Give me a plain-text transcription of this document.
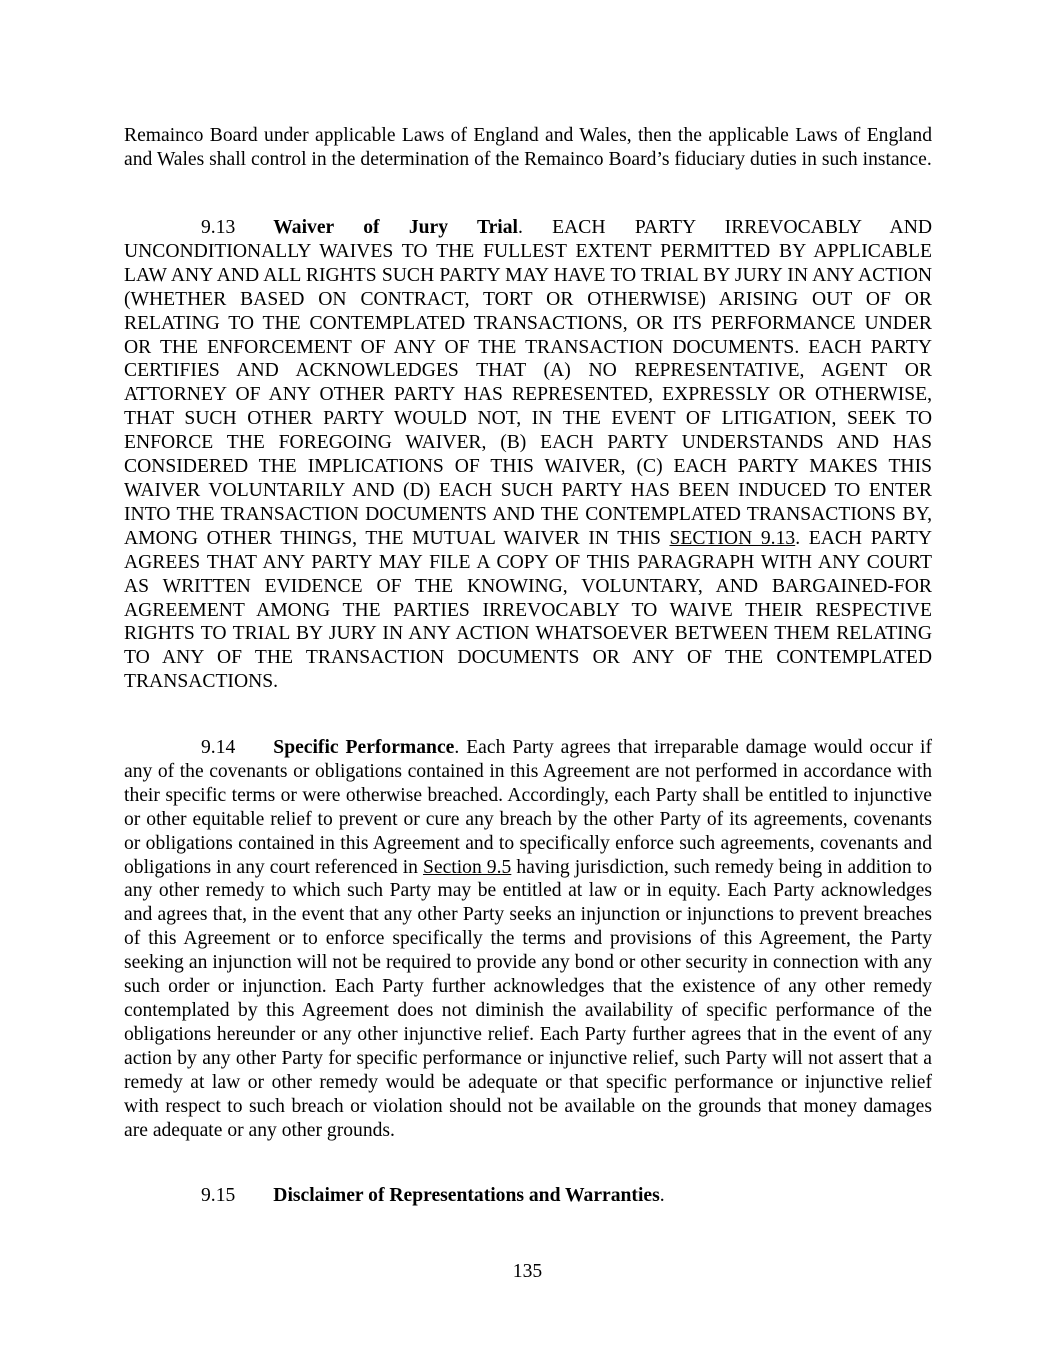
Remainco Board under applicable Laws of England and Wales, then the applicable Laws of England and Wales shall control in the determination of the Remainco Board’s fiduciary duties in such instance.

9.13 Waiver of Jury Trial. EACH PARTY IRREVOCABLY AND UNCONDITIONALLY WAIVES TO THE FULLEST EXTENT PERMITTED BY APPLICABLE LAW ANY AND ALL RIGHTS SUCH PARTY MAY HAVE TO TRIAL BY JURY IN ANY ACTION (WHETHER BASED ON CONTRACT, TORT OR OTHERWISE) ARISING OUT OF OR RELATING TO THE CONTEMPLATED TRANSACTIONS, OR ITS PERFORMANCE UNDER OR THE ENFORCEMENT OF ANY OF THE TRANSACTION DOCUMENTS. EACH PARTY CERTIFIES AND ACKNOWLEDGES THAT (A) NO REPRESENTATIVE, AGENT OR ATTORNEY OF ANY OTHER PARTY HAS REPRESENTED, EXPRESSLY OR OTHERWISE, THAT SUCH OTHER PARTY WOULD NOT, IN THE EVENT OF LITIGATION, SEEK TO ENFORCE THE FOREGOING WAIVER, (B) EACH PARTY UNDERSTANDS AND HAS CONSIDERED THE IMPLICATIONS OF THIS WAIVER, (C) EACH PARTY MAKES THIS WAIVER VOLUNTARILY AND (D) EACH SUCH PARTY HAS BEEN INDUCED TO ENTER INTO THE TRANSACTION DOCUMENTS AND THE CONTEMPLATED TRANSACTIONS BY, AMONG OTHER THINGS, THE MUTUAL WAIVER IN THIS SECTION 9.13. EACH PARTY AGREES THAT ANY PARTY MAY FILE A COPY OF THIS PARAGRAPH WITH ANY COURT AS WRITTEN EVIDENCE OF THE KNOWING, VOLUNTARY, AND BARGAINED-FOR AGREEMENT AMONG THE PARTIES IRREVOCABLY TO WAIVE THEIR RESPECTIVE RIGHTS TO TRIAL BY JURY IN ANY ACTION WHATSOEVER BETWEEN THEM RELATING TO ANY OF THE TRANSACTION DOCUMENTS OR ANY OF THE CONTEMPLATED TRANSACTIONS.

9.14 Specific Performance. Each Party agrees that irreparable damage would occur if any of the covenants or obligations contained in this Agreement are not performed in accordance with their specific terms or were otherwise breached. Accordingly, each Party shall be entitled to injunctive or other equitable relief to prevent or cure any breach by the other Party of its agreements, covenants or obligations contained in this Agreement and to specifically enforce such agreements, covenants and obligations in any court referenced in Section 9.5 having jurisdiction, such remedy being in addition to any other remedy to which such Party may be entitled at law or in equity. Each Party acknowledges and agrees that, in the event that any other Party seeks an injunction or injunctions to prevent breaches of this Agreement or to enforce specifically the terms and provisions of this Agreement, the Party seeking an injunction will not be required to provide any bond or other security in connection with any such order or injunction. Each Party further acknowledges that the existence of any other remedy contemplated by this Agreement does not diminish the availability of specific performance of the obligations hereunder or any other injunctive relief. Each Party further agrees that in the event of any action by any other Party for specific performance or injunctive relief, such Party will not assert that a remedy at law or other remedy would be adequate or that specific performance or injunctive relief with respect to such breach or violation should not be available on the grounds that money damages are adequate or any other grounds.

9.15 Disclaimer of Representations and Warranties.

135
